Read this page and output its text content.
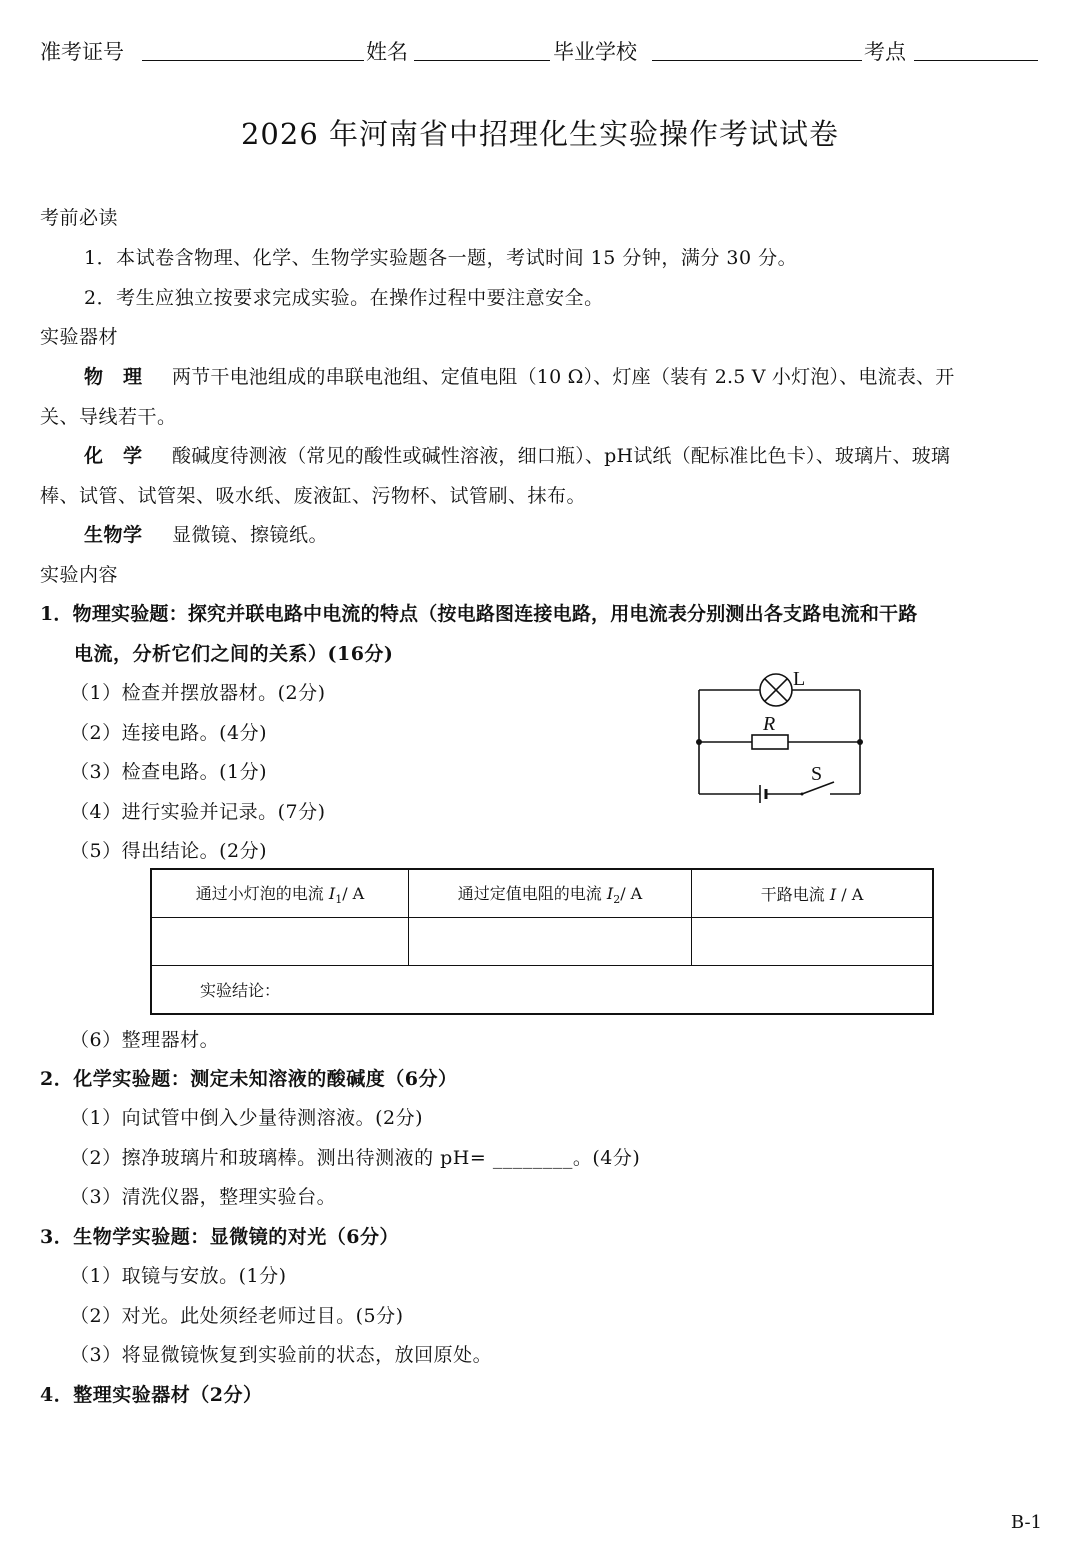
准考证号	姓名	毕业学校	考点
2026 年河南省中招理化生实验操作考试试卷
考前必读
1．本试卷含物理、化学、生物学实验题各一题，考试时间 15 分钟，满分 30 分。
2．考生应独立按要求完成实验。在操作过程中要注意安全。
实验器材
物　理 两节干电池组成的串联电池组、定值电阻（10 Ω）、灯座（装有 2.5 V 小灯泡）、电流表、开
关、导线若干。
化　学 酸碱度待测液（常见的酸性或碱性溶液，细口瓶）、pH试纸（配标准比色卡）、玻璃片、玻璃
棒、试管、试管架、吸水纸、废液缸、污物杯、试管刷、抹布。
生物学 显微镜、擦镜纸。
实验内容
1．物理实验题：探究并联电路中电流的特点（按电路图连接电路，用电流表分别测出各支路电流和干路
电流，分析它们之间的关系）(16分)
（1）检查并摆放器材。(2分)
（2）连接电路。(4分)
（3）检查电路。(1分)
（4）进行实验并记录。(7分)
（5）得出结论。(2分)
L
R
S
通过小灯泡的电流 $I_1/$ A	通过定值电阻的电流 $I_2/$ A	干路电流 I / A

实验结论：		
（6）整理器材。
2．化学实验题：测定未知溶液的酸碱度（6分）
（1）向试管中倒入少量待测溶液。(2分)
（2）擦净玻璃片和玻璃棒。测出待测液的 pH= ________。(4分)
（3）清洗仪器，整理实验台。
3．生物学实验题：显微镜的对光（6分）
（1）取镜与安放。(1分)
（2）对光。此处须经老师过目。(5分)
（3）将显微镜恢复到实验前的状态，放回原处。
4．整理实验器材（2分）
B-1
